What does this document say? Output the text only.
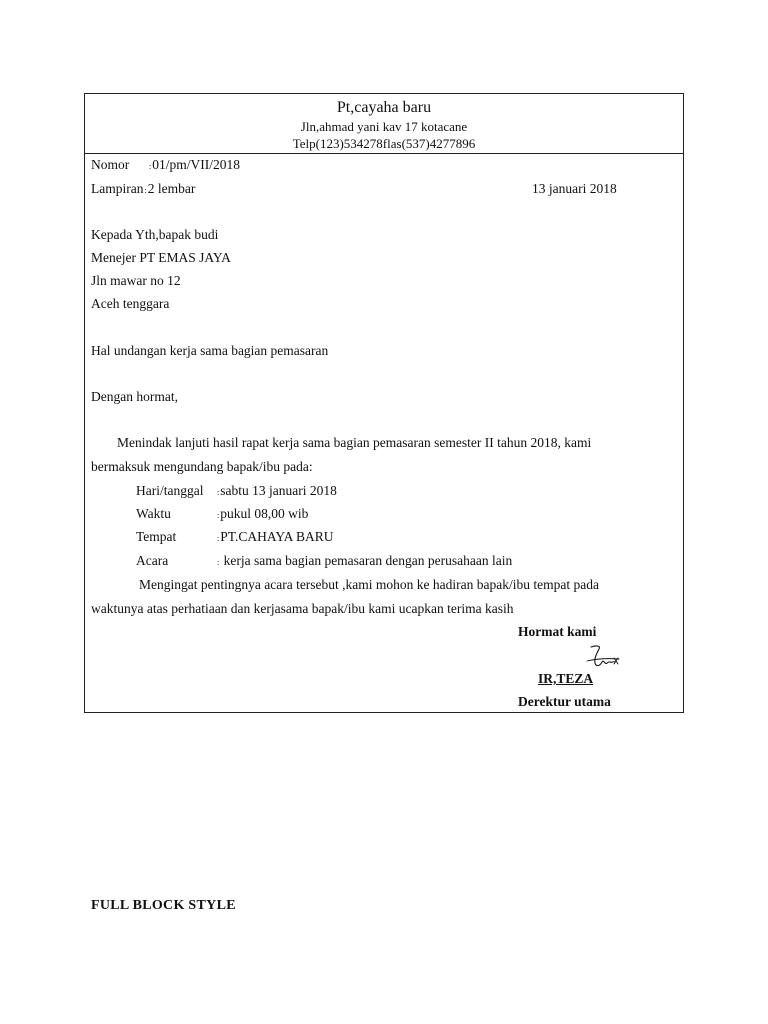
Pt,cayaha baru
Jln,ahmad yani kav 17 kotacane
Telp(123)534278flas(537)4277896
Nomor :01/pm/VII/2018
Lampiran:2 lembar	13 januari 2018
Kepada Yth,bapak budi
Menejer PT EMAS JAYA
Jln mawar no 12
Aceh tenggara
Hal undangan kerja sama bagian pemasaran
Dengan hormat,
Menindak lanjuti hasil rapat kerja sama bagian pemasaran semester II tahun 2018, kami
bermaksuk mengundang bapak/ibu pada:
Hari/tanggal :sabtu 13 januari 2018
Waktu	:pukul 08,00 wib
Tempat	:PT.CAHAYA BARU
Acara	: kerja sama bagian pemasaran dengan perusahaan lain
Mengingat pentingnya acara tersebut ,kami mohon ke hadiran bapak/ibu tempat pada
waktunya atas perhatiaan dan kerjasama bapak/ibu kami ucapkan terima kasih
Hormat kami
IR,TEZA
Derektur utama
FULL BLOCK STYLE
